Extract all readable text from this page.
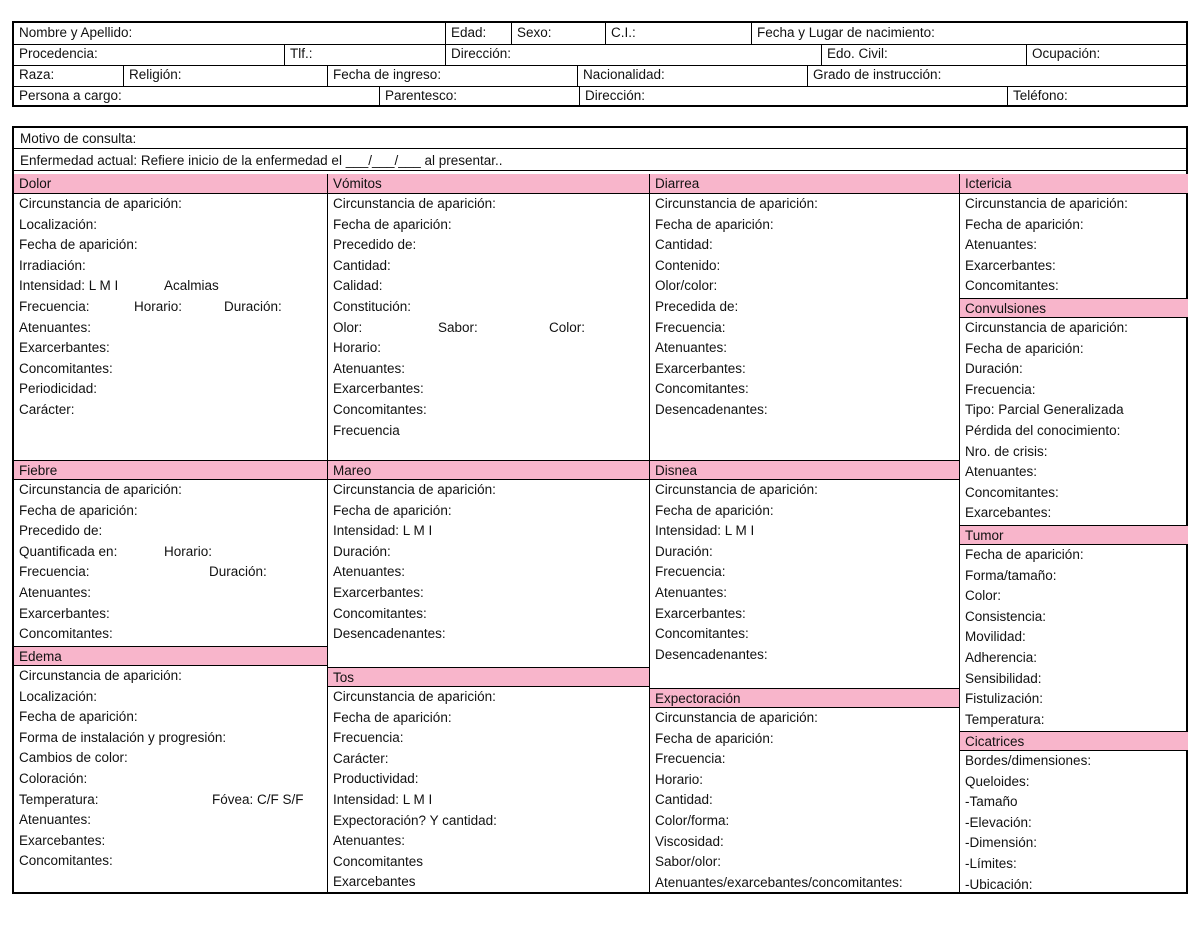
Nombre y Apellido:	Edad:	Sexo:	C.I.:	Fecha y Lugar de nacimiento:
Procedencia:	Tlf.:	Dirección:	Edo. Civil:	Ocupación:
Raza:	Religión:	Fecha de ingreso:	Nacionalidad:	Grado de instrucción:
Persona a cargo:	Parentesco:	Dirección:	Teléfono:
Motivo de consulta:
Enfermedad actual: Refiere inicio de la enfermedad el ___/___/___ al presentar..
Dolor
Circunstancia de aparición:
Localización:
Fecha de aparición:
Irradiación:
Intensidad: L M I	Acalmias
Frecuencia:	Horario:	Duración:
Atenuantes:
Exarcerbantes:
Concomitantes:
Periodicidad:
Carácter:
Fiebre
Circunstancia de aparición:
Fecha de aparición:
Precedido de:
Quantificada en:	Horario:
Frecuencia:	Duración:
Atenuantes:
Exarcerbantes:
Concomitantes:
Edema
Circunstancia de aparición:
Localización:
Fecha de aparición:
Forma de instalación y progresión:
Cambios de color:
Coloración:
Temperatura:	Fóvea: C/F S/F
Atenuantes:
Exarcebantes:
Concomitantes:
Vómitos
Circunstancia de aparición:
Fecha de aparición:
Precedido de:
Cantidad:
Calidad:
Constitución:
Olor:	Sabor:	Color:
Horario:
Atenuantes:
Exarcerbantes:
Concomitantes:
Frecuencia
Mareo
Circunstancia de aparición:
Fecha de aparición:
Intensidad: L M I
Duración:
Atenuantes:
Exarcerbantes:
Concomitantes:
Desencadenantes:
Tos
Circunstancia de aparición:
Fecha de aparición:
Frecuencia:
Carácter:
Productividad:
Intensidad: L M I
Expectoración? Y cantidad:
Atenuantes:
Concomitantes
Exarcebantes
Diarrea
Circunstancia de aparición:
Fecha de aparición:
Cantidad:
Contenido:
Olor/color:
Precedida de:
Frecuencia:
Atenuantes:
Exarcerbantes:
Concomitantes:
Desencadenantes:
Disnea
Circunstancia de aparición:
Fecha de aparición:
Intensidad: L M I
Duración:
Frecuencia:
Atenuantes:
Exarcerbantes:
Concomitantes:
Desencadenantes:
Expectoración
Circunstancia de aparición:
Fecha de aparición:
Frecuencia:
Horario:
Cantidad:
Color/forma:
Viscosidad:
Sabor/olor:
Atenuantes/exarcebantes/concomitantes:
Ictericia
Circunstancia de aparición:
Fecha de aparición:
Atenuantes:
Exarcerbantes:
Concomitantes:
Convulsiones
Circunstancia de aparición:
Fecha de aparición:
Duración:
Frecuencia:
Tipo: Parcial Generalizada
Pérdida del conocimiento:
Nro. de crisis:
Atenuantes:
Concomitantes:
Exarcebantes:
Tumor
Fecha de aparición:
Forma/tamaño:
Color:
Consistencia:
Movilidad:
Adherencia:
Sensibilidad:
Fistulización:
Temperatura:
Cicatrices
Bordes/dimensiones:
Queloides:
-Tamaño
-Elevación:
-Dimensión:
-Límites:
-Ubicación:
